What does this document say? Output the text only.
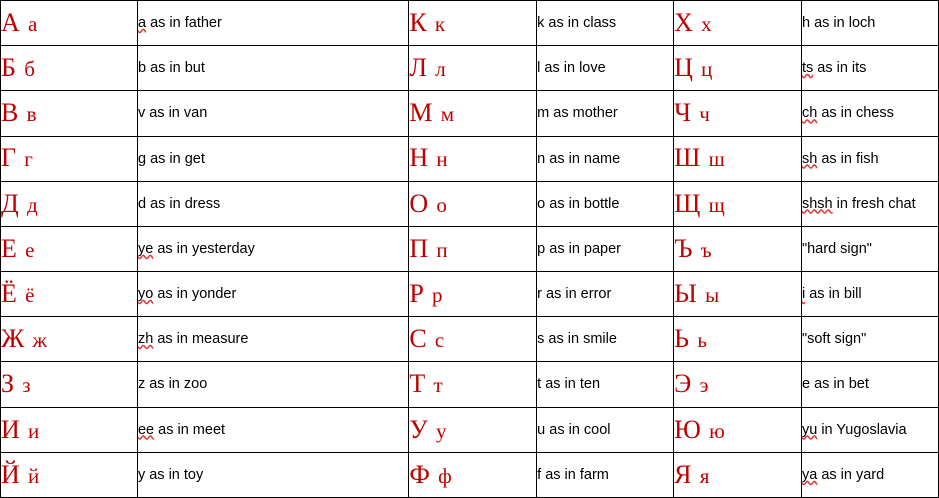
А а	a as in father	К к	k as in class	Х х	h as in loch
Б б	b as in but	Л л	l as in love	Ц ц	ts as in its
В в	v as in van	М м	m as mother	Ч ч	ch as in chess
Г г	g as in get	Н н	n as in name	Ш ш	sh as in fish
Д д	d as in dress	О о	o as in bottle	Щ щ	shsh in fresh chat
Е е	ye as in yesterday	П п	p as in paper	Ъ ъ	"hard sign"
Ё ё	yo as in yonder	Р р	r as in error	Ы ы	i as in bill
Ж ж	zh as in measure	С с	s as in smile	Ь ь	"soft sign"
З з	z as in zoo	Т т	t as in ten	Э э	e as in bet
И и	ee as in meet	У у	u as in cool	Ю ю	yu in Yugoslavia
Й й	y as in toy	Ф ф	f as in farm	Я я	ya as in yard
